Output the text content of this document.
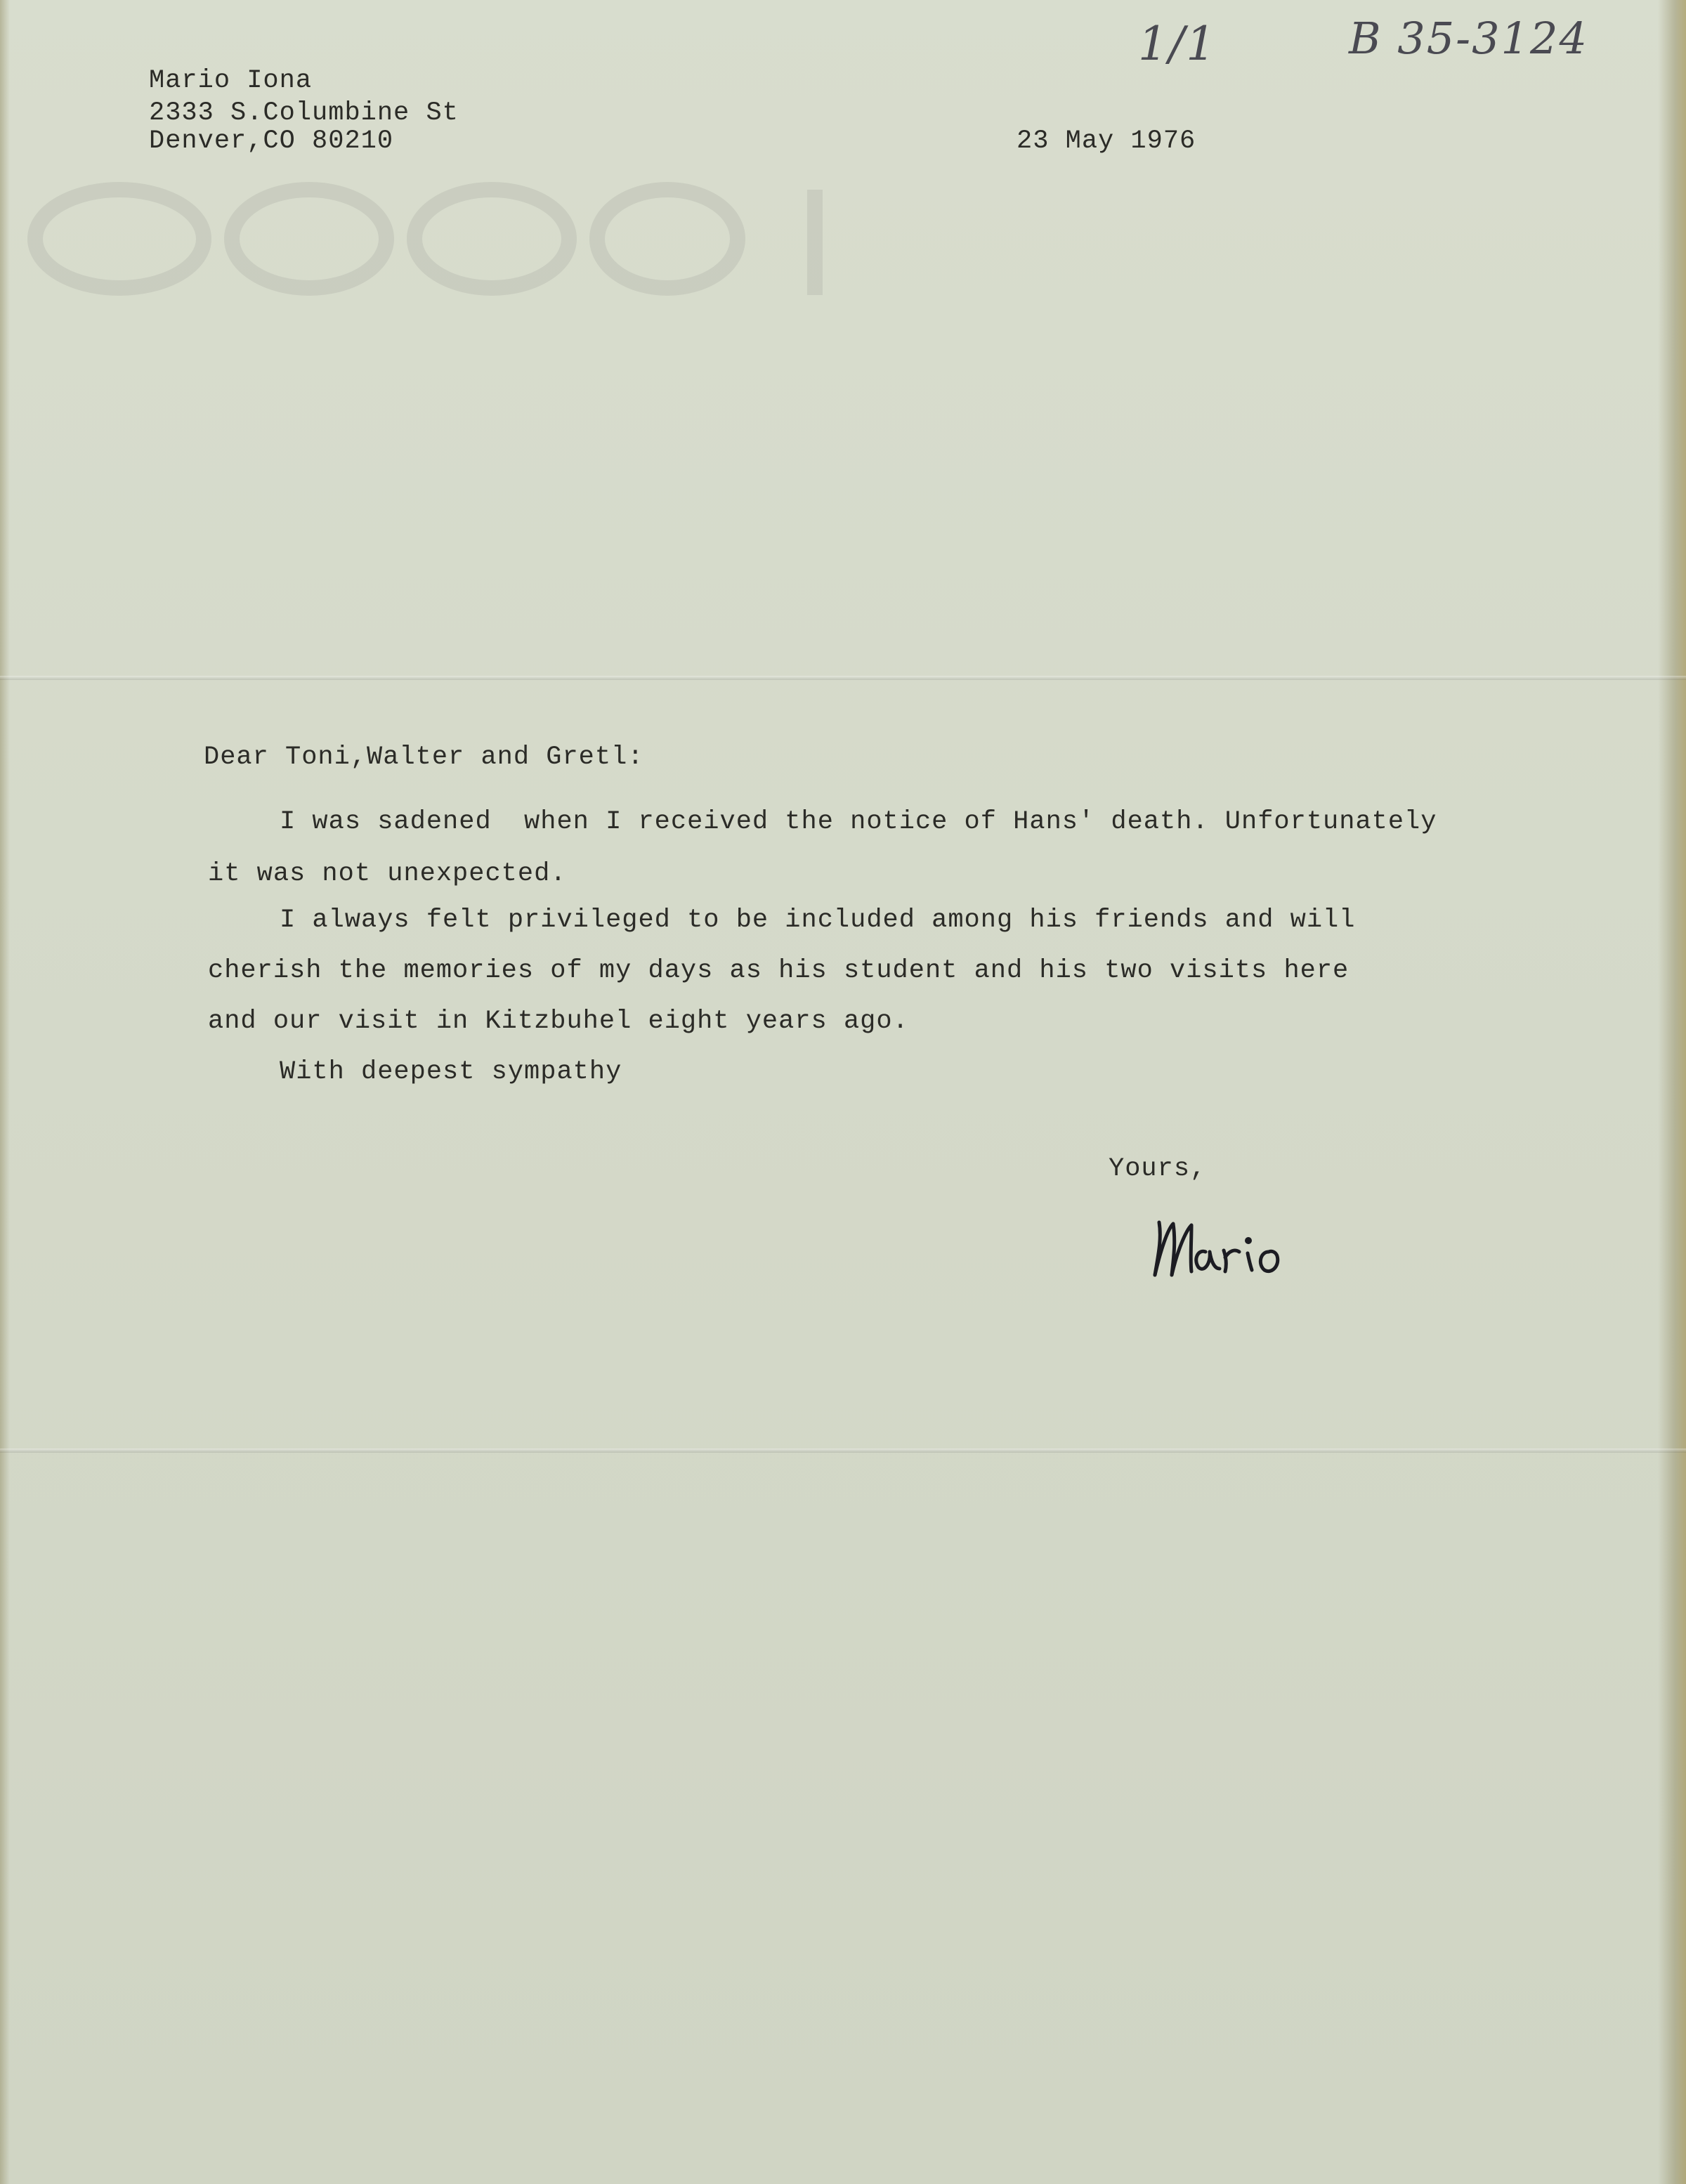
1/1	B 35-3124
Mario Iona
2333 S.Columbine St
Denver,CO 80210	23 May 1976
Dear Toni,Walter and Gretl:
I was sadened  when I received the notice of Hans' death. Unfortunately
it was not unexpected.
I always felt privileged to be included among his friends and will
cherish the memories of my days as his student and his two visits here
and our visit in Kitzbuhel eight years ago.
With deepest sympathy
Yours,
